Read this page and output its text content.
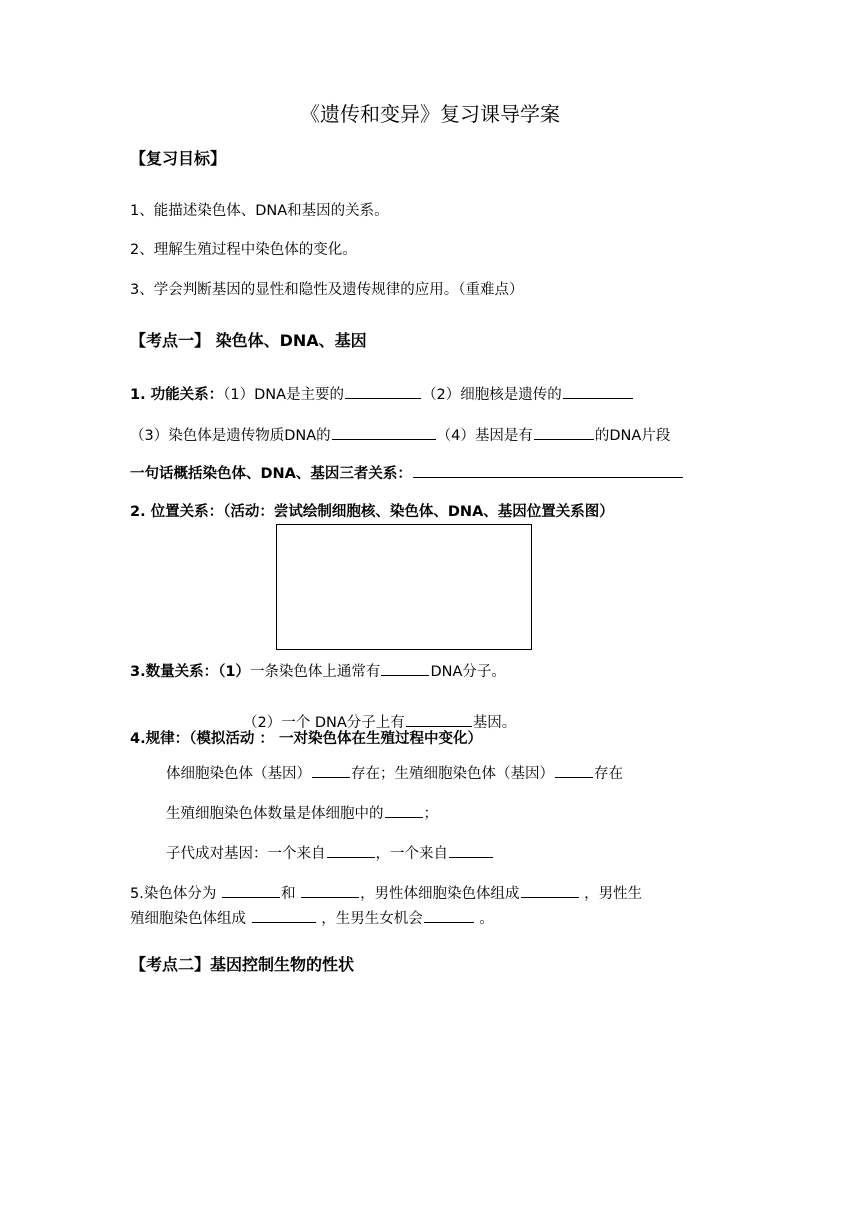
《遗传和变异》复习课导学案
【复习目标】
1、能描述染色体、DNA和基因的关系。
2、理解生殖过程中染色体的变化。
3、学会判断基因的显性和隐性及遗传规律的应用。（重难点）
【考点一】 染色体、DNA、基因
1. 功能关系：（1）DNA是主要的	（2）细胞核是遗传的
（3）染色体是遗传物质DNA的	（4）基因是有	的DNA片段
一句话概括染色体、DNA、基因三者关系：
2. 位置关系：（活动：尝试绘制细胞核、染色体、DNA、基因位置关系图）
3.数量关系：（1）一条染色体上通常有	DNA分子。
（2）一个 DNA分子上有	基因。
4.规律：（模拟活动 ： 一对染色体在生殖过程中变化）
体细胞染色体（基因）	存在；生殖细胞染色体（基因）	存在
生殖细胞染色体数量是体细胞中的	；
子代成对基因：一个来自	，一个来自
5.染色体分为	和	，男性体细胞染色体组成	，男性生
殖细胞染色体组成	，生男生女机会	。
【考点二】基因控制生物的性状
